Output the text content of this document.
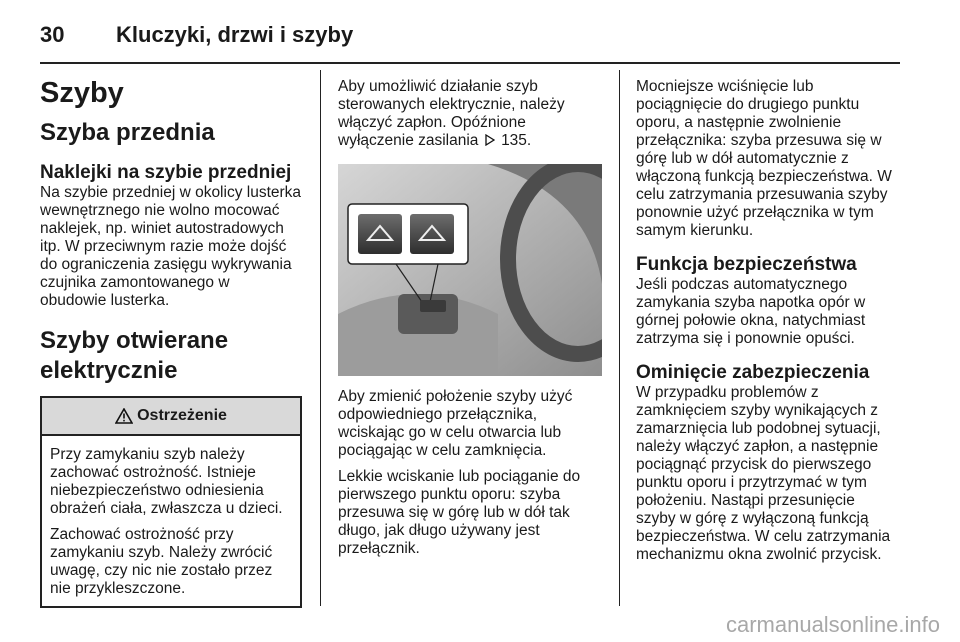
30 Kluczyki, drzwi i szyby
Szyby
Szyba przednia
Naklejki na szybie przedniej

Na szybie przedniej w okolicy lusterka

wewnętrznego nie wolno mocować

naklejek, np. winiet autostradowych

itp. W przeciwnym razie może dojść

do ograniczenia zasięgu wykrywania

czujnika zamontowanego w

obudowie lusterka.

Szyby otwierane
elektrycznie
Ostrzeżenie

Przy zamykaniu szyb należy

zachować ostrożność. Istnieje

niebezpieczeństwo odniesienia

obrażeń ciała, zwłaszcza u dzieci.

Zachować ostrożność przy

zamykaniu szyb. Należy zwrócić

uwagę, czy nic nie zostało przez

nie przykleszczone.

Aby umożliwić działanie szyb

sterowanych elektrycznie, należy

włączyć zapłon. Opóźnione

wyłączenie zasilania 135.

Aby zmienić położenie szyby użyć

odpowiedniego przełącznika,

wciskając go w celu otwarcia lub

pociągając w celu zamknięcia.

Lekkie wciskanie lub pociąganie do

pierwszego punktu oporu: szyba

przesuwa się w górę lub w dół tak

długo, jak długo używany jest

przełącznik.

Mocniejsze wciśnięcie lub

pociągnięcie do drugiego punktu

oporu, a następnie zwolnienie

przełącznika: szyba przesuwa się w

górę lub w dół automatycznie z

włączoną funkcją bezpieczeństwa. W

celu zatrzymania przesuwania szyby

ponownie użyć przełącznika w tym

samym kierunku.

Funkcja bezpieczeństwa

Jeśli podczas automatycznego

zamykania szyba napotka opór w

górnej połowie okna, natychmiast

zatrzyma się i ponownie opuści.

Ominięcie zabezpieczenia

W przypadku problemów z

zamknięciem szyby wynikających z

zamarznięcia lub podobnej sytuacji,

należy włączyć zapłon, a następnie

pociągnąć przycisk do pierwszego

punktu oporu i przytrzymać w tym

położeniu. Nastąpi przesunięcie

szyby w górę z wyłączoną funkcją

bezpieczeństwa. W celu zatrzymania

mechanizmu okna zwolnić przycisk.

carmanualsonline.info
